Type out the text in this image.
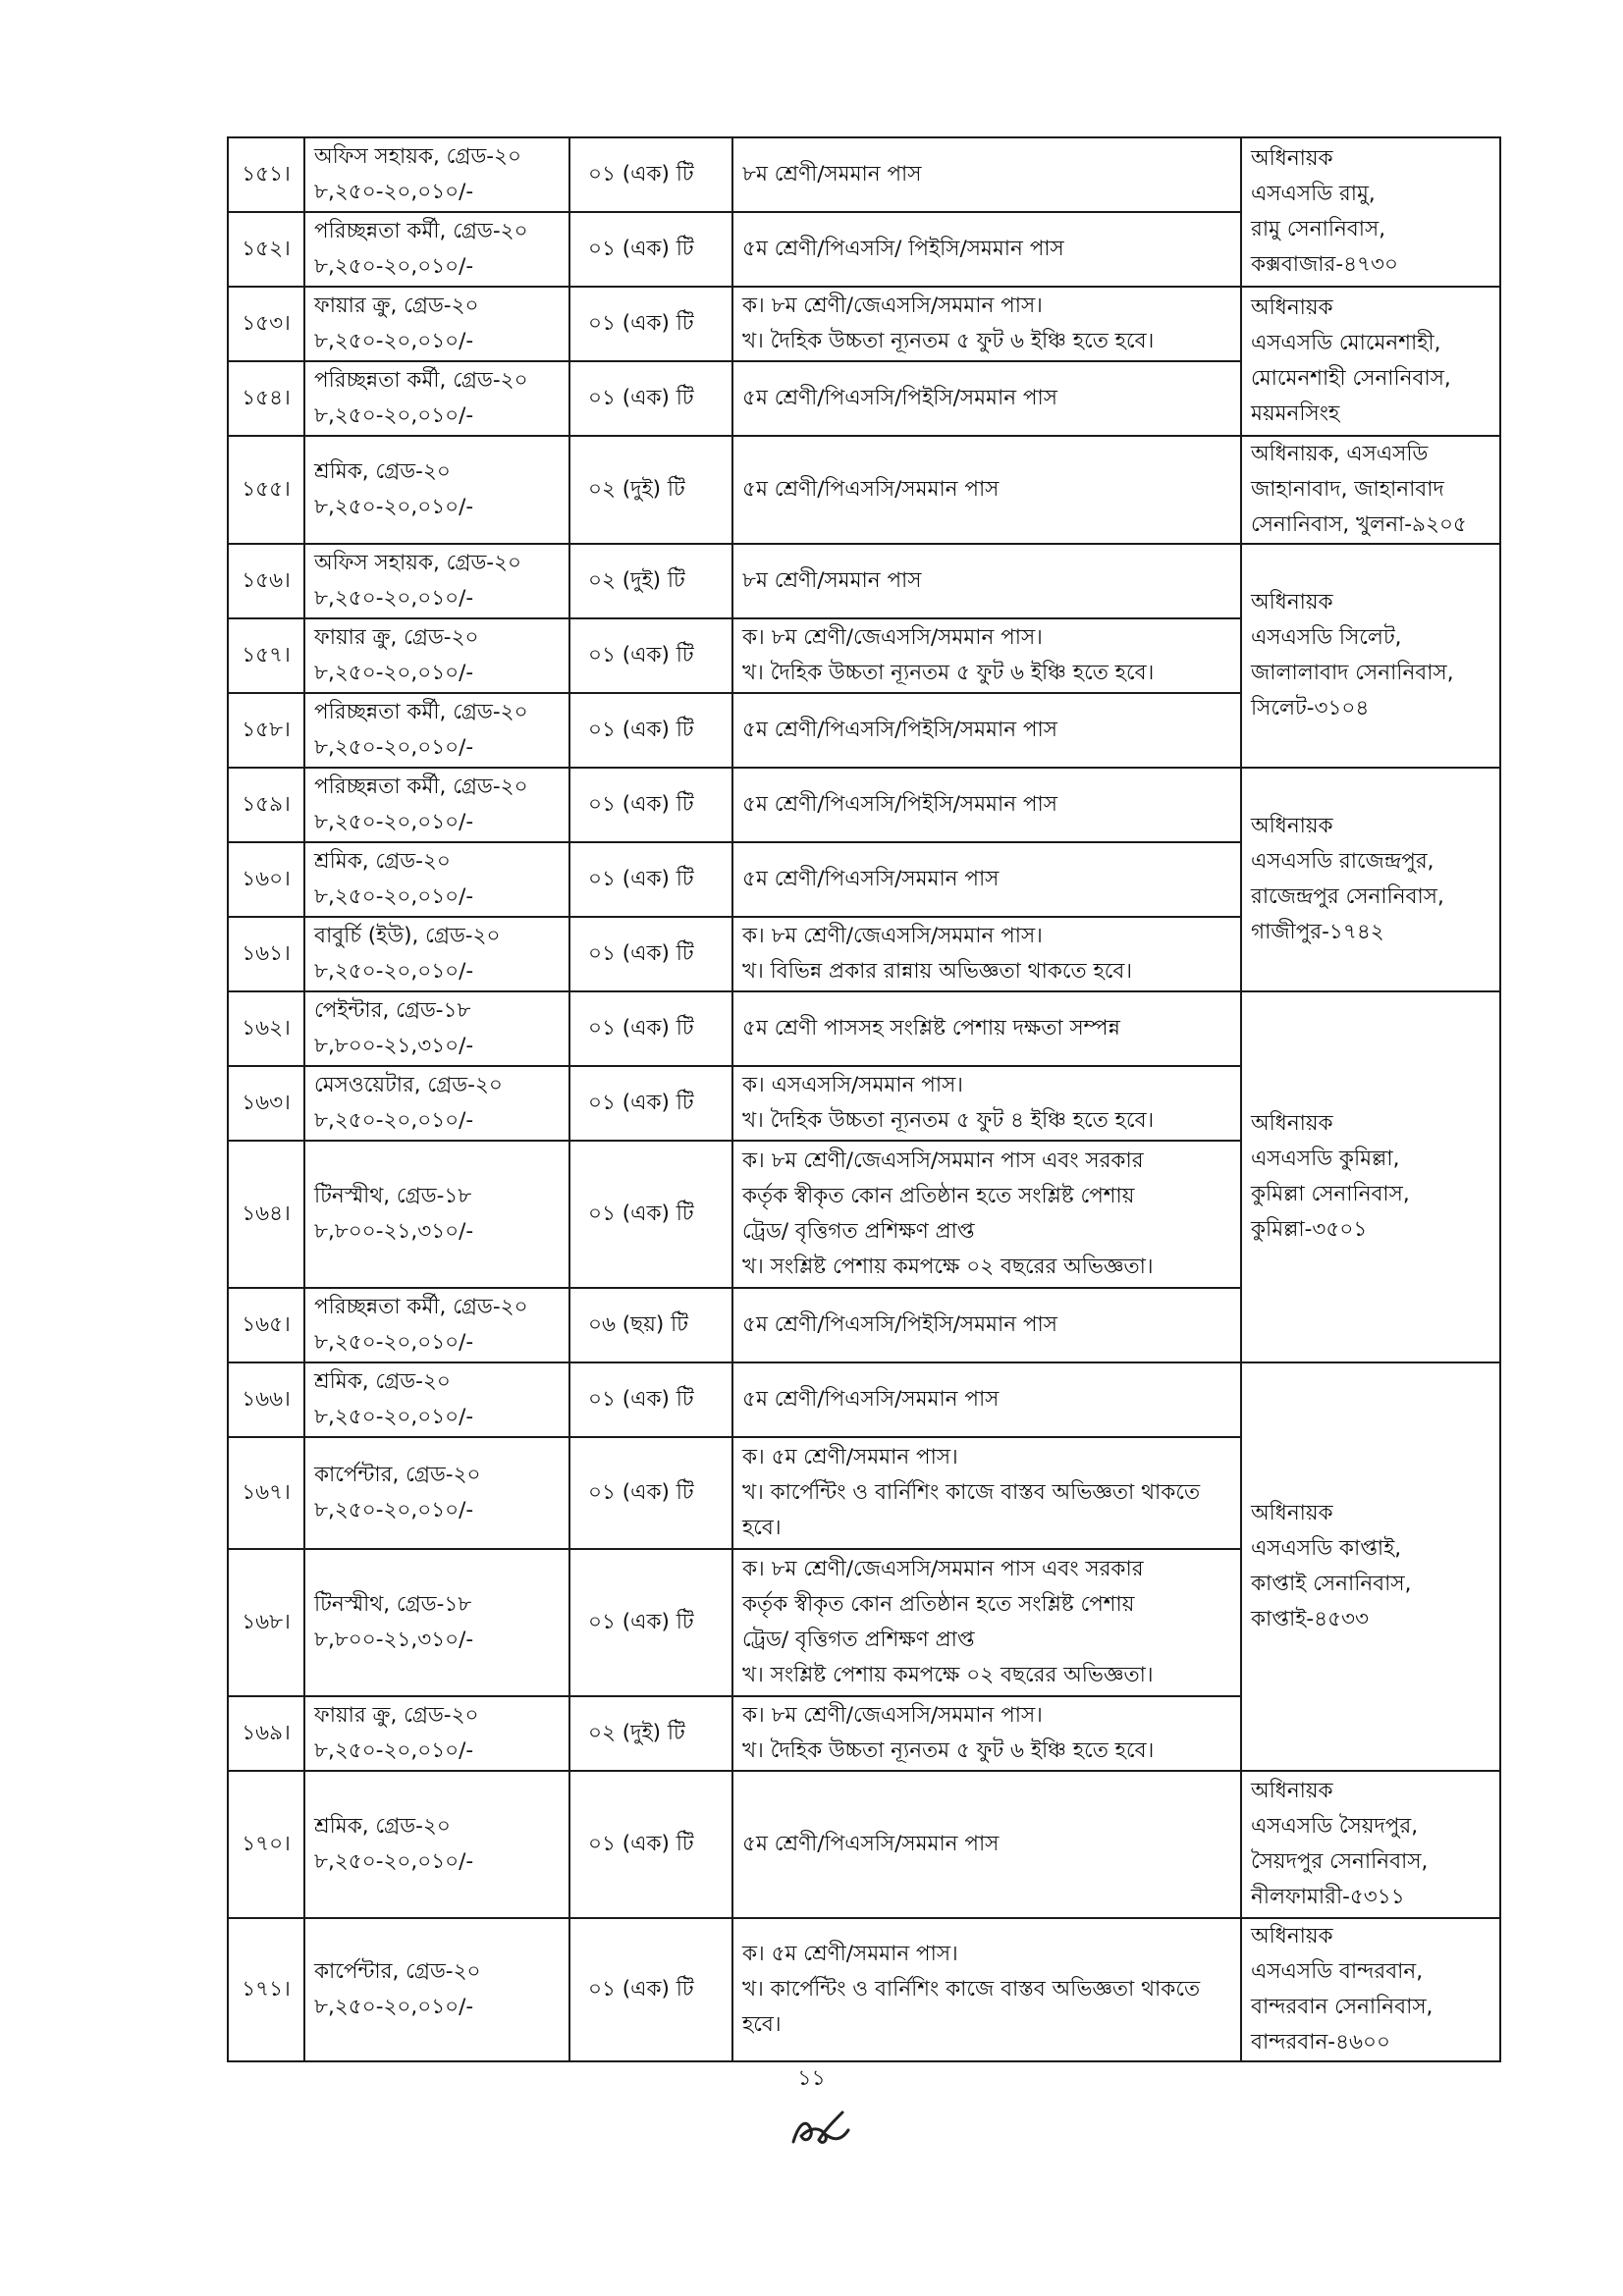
১৫১।	অফিস সহায়ক, গ্রেড-২০
৮,২৫০-২০,০১০/-	০১ (এক) টি	৮ম শ্রেণী/সমমান পাস	অধিনায়ক
এসএসডি রামু,
রামু সেনানিবাস,
কক্সবাজার-৪৭৩০

১৫২।	পরিচ্ছন্নতা কর্মী, গ্রেড-২০
৮,২৫০-২০,০১০/-	০১ (এক) টি	৫ম শ্রেণী/পিএসসি/ পিইসি/সমমান পাস	

১৫৩।	ফায়ার ক্রু, গ্রেড-২০
৮,২৫০-২০,০১০/-	০১ (এক) টি	ক। ৮ম শ্রেণী/জেএসসি/সমমান পাস।
খ। দৈহিক উচ্চতা ন্যূনতম ৫ ফুট ৬ ইঞ্চি হতে হবে।	অধিনায়ক
এসএসডি মোমেনশাহী,
মোমেনশাহী সেনানিবাস,
ময়মনসিংহ

১৫৪।	পরিচ্ছন্নতা কর্মী, গ্রেড-২০
৮,২৫০-২০,০১০/-	০১ (এক) টি	৫ম শ্রেণী/পিএসসি/পিইসি/সমমান পাস	

১৫৫।	শ্রমিক, গ্রেড-২০
৮,২৫০-২০,০১০/-	০২ (দুই) টি	৫ম শ্রেণী/পিএসসি/সমমান পাস	অধিনায়ক, এসএসডি
জাহানাবাদ, জাহানাবাদ
সেনানিবাস, খুলনা-৯২০৫

১৫৬।	অফিস সহায়ক, গ্রেড-২০
৮,২৫০-২০,০১০/-	০২ (দুই) টি	৮ম শ্রেণী/সমমান পাস	অধিনায়ক
এসএসডি সিলেট,
জালালাবাদ সেনানিবাস,
সিলেট-৩১০৪

১৫৭।	ফায়ার ক্রু, গ্রেড-২০
৮,২৫০-২০,০১০/-	০১ (এক) টি	ক। ৮ম শ্রেণী/জেএসসি/সমমান পাস।
খ। দৈহিক উচ্চতা ন্যূনতম ৫ ফুট ৬ ইঞ্চি হতে হবে।	

১৫৮।	পরিচ্ছন্নতা কর্মী, গ্রেড-২০
৮,২৫০-২০,০১০/-	০১ (এক) টি	৫ম শ্রেণী/পিএসসি/পিইসি/সমমান পাস	

১৫৯।	পরিচ্ছন্নতা কর্মী, গ্রেড-২০
৮,২৫০-২০,০১০/-	০১ (এক) টি	৫ম শ্রেণী/পিএসসি/পিইসি/সমমান পাস	অধিনায়ক
এসএসডি রাজেন্দ্রপুর,
রাজেন্দ্রপুর সেনানিবাস,
গাজীপুর-১৭৪২

১৬০।	শ্রমিক, গ্রেড-২০
৮,২৫০-২০,০১০/-	০১ (এক) টি	৫ম শ্রেণী/পিএসসি/সমমান পাস	

১৬১।	বাবুর্চি (ইউ), গ্রেড-২০
৮,২৫০-২০,০১০/-	০১ (এক) টি	ক। ৮ম শ্রেণী/জেএসসি/সমমান পাস।
খ। বিভিন্ন প্রকার রান্নায় অভিজ্ঞতা থাকতে হবে।	

১৬২।	পেইন্টার, গ্রেড-১৮
৮,৮০০-২১,৩১০/-	০১ (এক) টি	৫ম শ্রেণী পাসসহ সংশ্লিষ্ট পেশায় দক্ষতা সম্পন্ন	অধিনায়ক
এসএসডি কুমিল্লা,
কুমিল্লা সেনানিবাস,
কুমিল্লা-৩৫০১

১৬৩।	মেসওয়েটার, গ্রেড-২০
৮,২৫০-২০,০১০/-	০১ (এক) টি	ক। এসএসসি/সমমান পাস।
খ। দৈহিক উচ্চতা ন্যূনতম ৫ ফুট ৪ ইঞ্চি হতে হবে।	

১৬৪।	টিনস্মীথ, গ্রেড-১৮
৮,৮০০-২১,৩১০/-	০১ (এক) টি	ক। ৮ম শ্রেণী/জেএসসি/সমমান পাস এবং সরকার
কর্তৃক স্বীকৃত কোন প্রতিষ্ঠান হতে সংশ্লিষ্ট পেশায়
ট্রেড/ বৃত্তিগত প্রশিক্ষণ প্রাপ্ত
খ। সংশ্লিষ্ট পেশায় কমপক্ষে ০২ বছরের অভিজ্ঞতা।	

১৬৫।	পরিচ্ছন্নতা কর্মী, গ্রেড-২০
৮,২৫০-২০,০১০/-	০৬ (ছয়) টি	৫ম শ্রেণী/পিএসসি/পিইসি/সমমান পাস	

১৬৬।	শ্রমিক, গ্রেড-২০
৮,২৫০-২০,০১০/-	০১ (এক) টি	৫ম শ্রেণী/পিএসসি/সমমান পাস	অধিনায়ক
এসএসডি কাপ্তাই,
কাপ্তাই সেনানিবাস,
কাপ্তাই-৪৫৩৩

১৬৭।	কার্পেন্টার, গ্রেড-২০
৮,২৫০-২০,০১০/-	০১ (এক) টি	ক। ৫ম শ্রেণী/সমমান পাস।
খ। কার্পেন্টিং ও বার্নিশিং কাজে বাস্তব অভিজ্ঞতা থাকতে
হবে।	

১৬৮।	টিনস্মীথ, গ্রেড-১৮
৮,৮০০-২১,৩১০/-	০১ (এক) টি	ক। ৮ম শ্রেণী/জেএসসি/সমমান পাস এবং সরকার
কর্তৃক স্বীকৃত কোন প্রতিষ্ঠান হতে সংশ্লিষ্ট পেশায়
ট্রেড/ বৃত্তিগত প্রশিক্ষণ প্রাপ্ত
খ। সংশ্লিষ্ট পেশায় কমপক্ষে ০২ বছরের অভিজ্ঞতা।	

১৬৯।	ফায়ার ক্রু, গ্রেড-২০
৮,২৫০-২০,০১০/-	০২ (দুই) টি	ক। ৮ম শ্রেণী/জেএসসি/সমমান পাস।
খ। দৈহিক উচ্চতা ন্যূনতম ৫ ফুট ৬ ইঞ্চি হতে হবে।	

১৭০।	শ্রমিক, গ্রেড-২০
৮,২৫০-২০,০১০/-	০১ (এক) টি	৫ম শ্রেণী/পিএসসি/সমমান পাস	অধিনায়ক
এসএসডি সৈয়দপুর,
সৈয়দপুর সেনানিবাস,
নীলফামারী-৫৩১১

১৭১।	কার্পেন্টার, গ্রেড-২০
৮,২৫০-২০,০১০/-	০১ (এক) টি	ক। ৫ম শ্রেণী/সমমান পাস।
খ। কার্পেন্টিং ও বার্নিশিং কাজে বাস্তব অভিজ্ঞতা থাকতে
হবে।	অধিনায়ক
এসএসডি বান্দরবান,
বান্দরবান সেনানিবাস,
বান্দরবান-৪৬০০
১১
